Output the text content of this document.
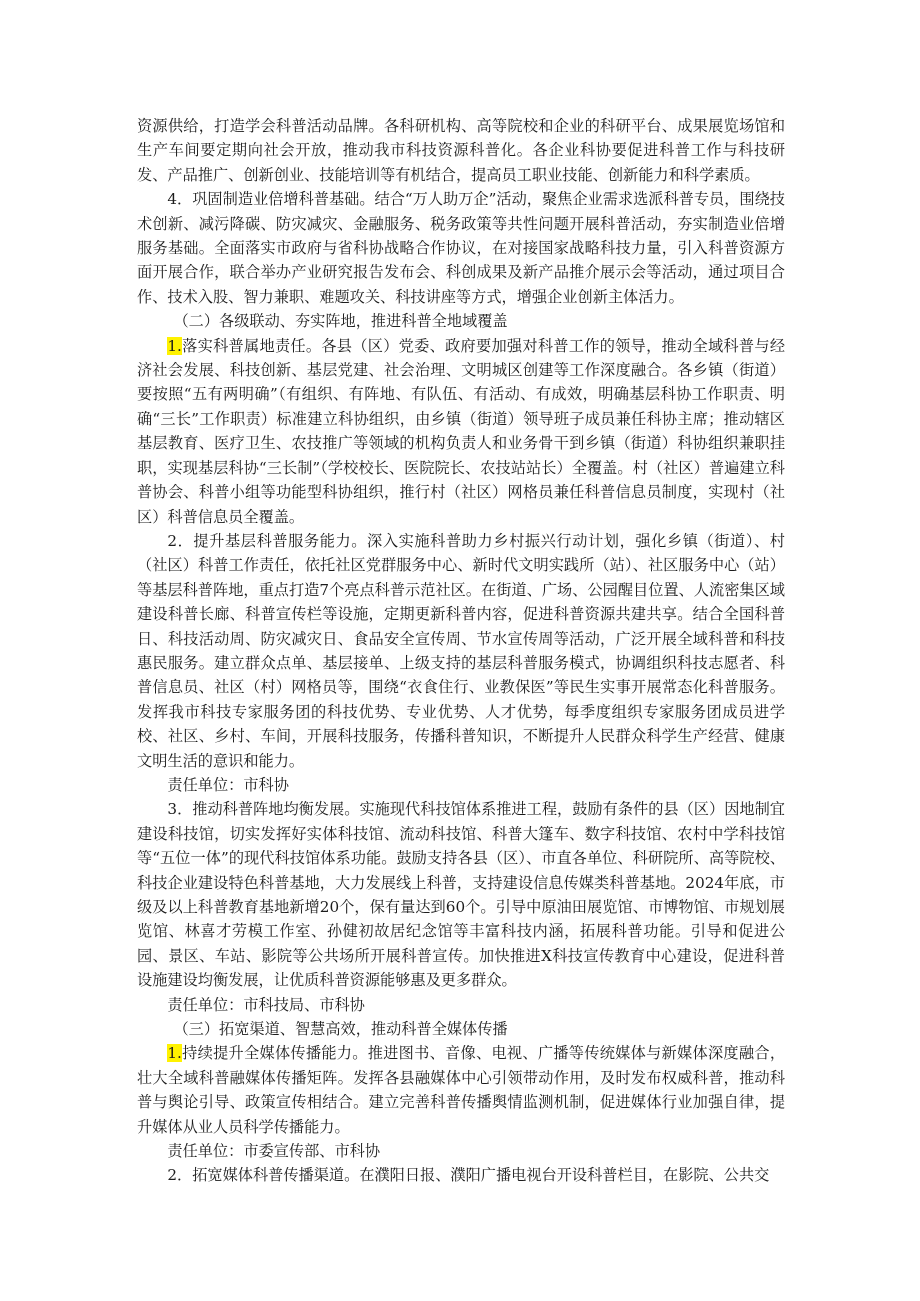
资源供给，打造学会科普活动品牌。各科研机构、高等院校和企业的科研平台、成果展览场馆和生产车间要定期向社会开放，推动我市科技资源科普化。各企业科协要促进科普工作与科技研发、产品推广、创新创业、技能培训等有机结合，提高员工职业技能、创新能力和科学素质。

4．巩固制造业倍增科普基础。结合“万人助万企”活动，聚焦企业需求选派科普专员，围绕技术创新、减污降碳、防灾减灾、金融服务、税务政策等共性问题开展科普活动，夯实制造业倍增服务基础。全面落实市政府与省科协战略合作协议，在对接国家战略科技力量，引入科普资源方面开展合作，联合举办产业研究报告发布会、科创成果及新产品推介展示会等活动，通过项目合作、技术入股、智力兼职、难题攻关、科技讲座等方式，增强企业创新主体活力。

（二）各级联动、夯实阵地，推进科普全地域覆盖

1.落实科普属地责任。各县（区）党委、政府要加强对科普工作的领导，推动全域科普与经济社会发展、科技创新、基层党建、社会治理、文明城区创建等工作深度融合。各乡镇（街道）要按照“五有两明确”（有组织、有阵地、有队伍、有活动、有成效，明确基层科协工作职责、明确“三长”工作职责）标准建立科协组织，由乡镇（街道）领导班子成员兼任科协主席；推动辖区基层教育、医疗卫生、农技推广等领域的机构负责人和业务骨干到乡镇（街道）科协组织兼职挂职，实现基层科协“三长制”（学校校长、医院院长、农技站站长）全覆盖。村（社区）普遍建立科普协会、科普小组等功能型科协组织，推行村（社区）网格员兼任科普信息员制度，实现村（社区）科普信息员全覆盖。

2．提升基层科普服务能力。深入实施科普助力乡村振兴行动计划，强化乡镇（街道）、村（社区）科普工作责任，依托社区党群服务中心、新时代文明实践所（站）、社区服务中心（站）等基层科普阵地，重点打造7个亮点科普示范社区。在街道、广场、公园醒目位置、人流密集区域建设科普长廊、科普宣传栏等设施，定期更新科普内容，促进科普资源共建共享。结合全国科普日、科技活动周、防灾减灾日、食品安全宣传周、节水宣传周等活动，广泛开展全域科普和科技惠民服务。建立群众点单、基层接单、上级支持的基层科普服务模式，协调组织科技志愿者、科普信息员、社区（村）网格员等，围绕“衣食住行、业教保医”等民生实事开展常态化科普服务。发挥我市科技专家服务团的科技优势、专业优势、人才优势，每季度组织专家服务团成员进学校、社区、乡村、车间，开展科技服务，传播科普知识，不断提升人民群众科学生产经营、健康文明生活的意识和能力。

责任单位：市科协

3．推动科普阵地均衡发展。实施现代科技馆体系推进工程，鼓励有条件的县（区）因地制宜建设科技馆，切实发挥好实体科技馆、流动科技馆、科普大篷车、数字科技馆、农村中学科技馆等“五位一体”的现代科技馆体系功能。鼓励支持各县（区）、市直各单位、科研院所、高等院校、科技企业建设特色科普基地，大力发展线上科普，支持建设信息传媒类科普基地。2024年底，市级及以上科普教育基地新增20个，保有量达到60个。引导中原油田展览馆、市博物馆、市规划展览馆、林喜才劳模工作室、孙健初故居纪念馆等丰富科技内涵，拓展科普功能。引导和促进公园、景区、车站、影院等公共场所开展科普宣传。加快推进X科技宣传教育中心建设，促进科普设施建设均衡发展，让优质科普资源能够惠及更多群众。

责任单位：市科技局、市科协

（三）拓宽渠道、智慧高效，推动科普全媒体传播

1.持续提升全媒体传播能力。推进图书、音像、电视、广播等传统媒体与新媒体深度融合，壮大全域科普融媒体传播矩阵。发挥各县融媒体中心引领带动作用，及时发布权威科普，推动科普与舆论引导、政策宣传相结合。建立完善科普传播舆情监测机制，促进媒体行业加强自律，提升媒体从业人员科学传播能力。

责任单位：市委宣传部、市科协

2．拓宽媒体科普传播渠道。在濮阳日报、濮阳广播电视台开设科普栏目，在影院、公共交
